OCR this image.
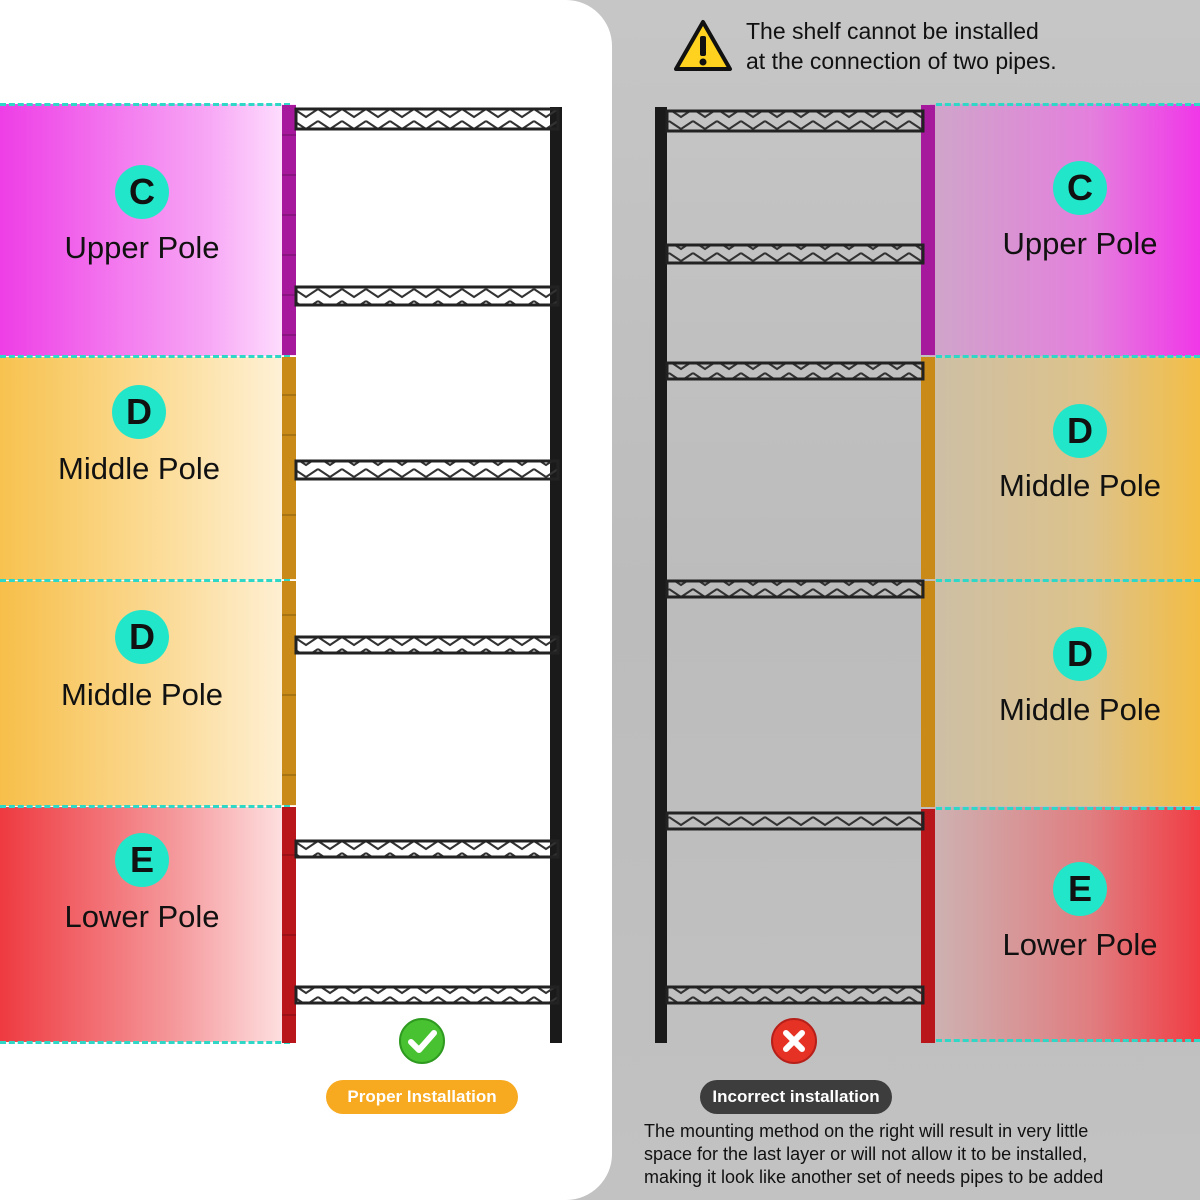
C
Upper Pole
D
Middle Pole
D
Middle Pole
E
Lower Pole
C
Upper Pole
D
Middle Pole
D
Middle Pole
E
Lower Pole
The shelf cannot be installed
at the connection of two pipes.
Proper Installation	Incorrect installation
The mounting method on the right will result in very little
space for the last layer or will not allow it to be installed,
making it look like another set of needs pipes to be added
